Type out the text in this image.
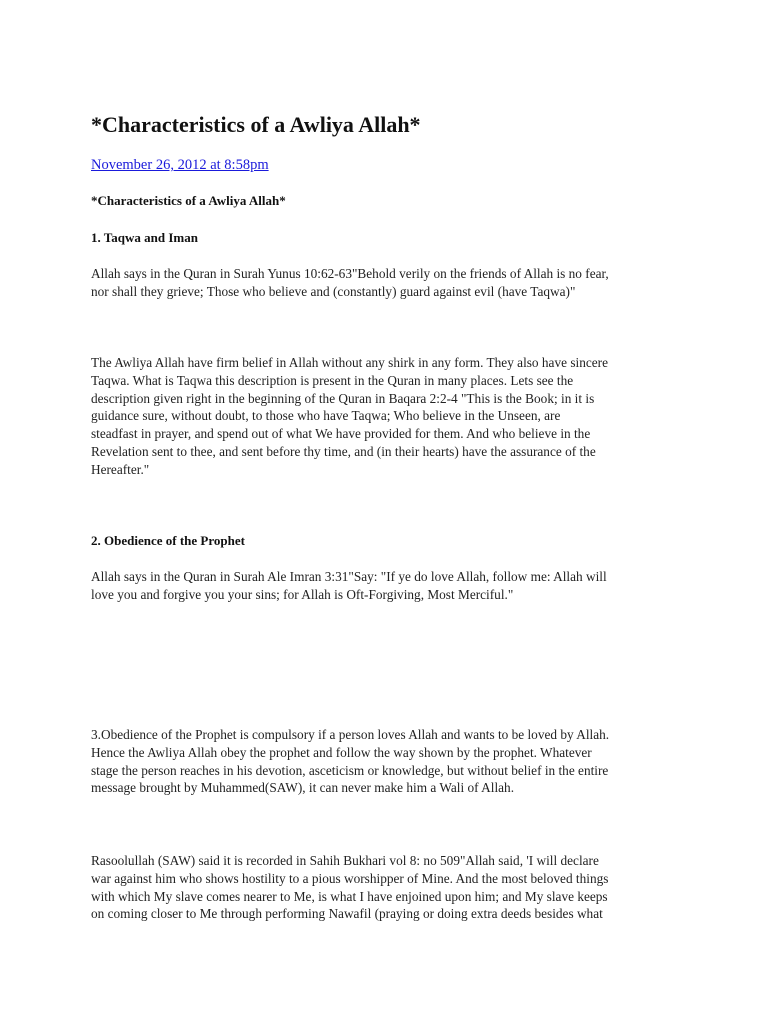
*Characteristics of a Awliya Allah*
November 26, 2012 at 8:58pm
*Characteristics of a Awliya Allah*
1. Taqwa and Iman

Allah says in the Quran in Surah Yunus 10:62-63"Behold verily on the friends of Allah is no fear,
nor shall they grieve; Those who believe and (constantly) guard against evil (have Taqwa)"

The Awliya Allah have firm belief in Allah without any shirk in any form. They also have sincere
Taqwa. What is Taqwa this description is present in the Quran in many places. Lets see the
description given right in the beginning of the Quran in Baqara 2:2-4 "This is the Book; in it is
guidance sure, without doubt, to those who have Taqwa; Who believe in the Unseen, are
steadfast in prayer, and spend out of what We have provided for them. And who believe in the
Revelation sent to thee, and sent before thy time, and (in their hearts) have the assurance of the
Hereafter."

2. Obedience of the Prophet

Allah says in the Quran in Surah Ale Imran 3:31"Say: "If ye do love Allah, follow me: Allah will
love you and forgive you your sins; for Allah is Oft-Forgiving, Most Merciful."

3.Obedience of the Prophet is compulsory if a person loves Allah and wants to be loved by Allah.
Hence the Awliya Allah obey the prophet and follow the way shown by the prophet. Whatever
stage the person reaches in his devotion, asceticism or knowledge, but without belief in the entire
message brought by Muhammed(SAW), it can never make him a Wali of Allah.

Rasoolullah (SAW) said it is recorded in Sahih Bukhari vol 8: no 509"Allah said, 'I will declare
war against him who shows hostility to a pious worshipper of Mine. And the most beloved things
with which My slave comes nearer to Me, is what I have enjoined upon him; and My slave keeps
on coming closer to Me through performing Nawafil (praying or doing extra deeds besides what
